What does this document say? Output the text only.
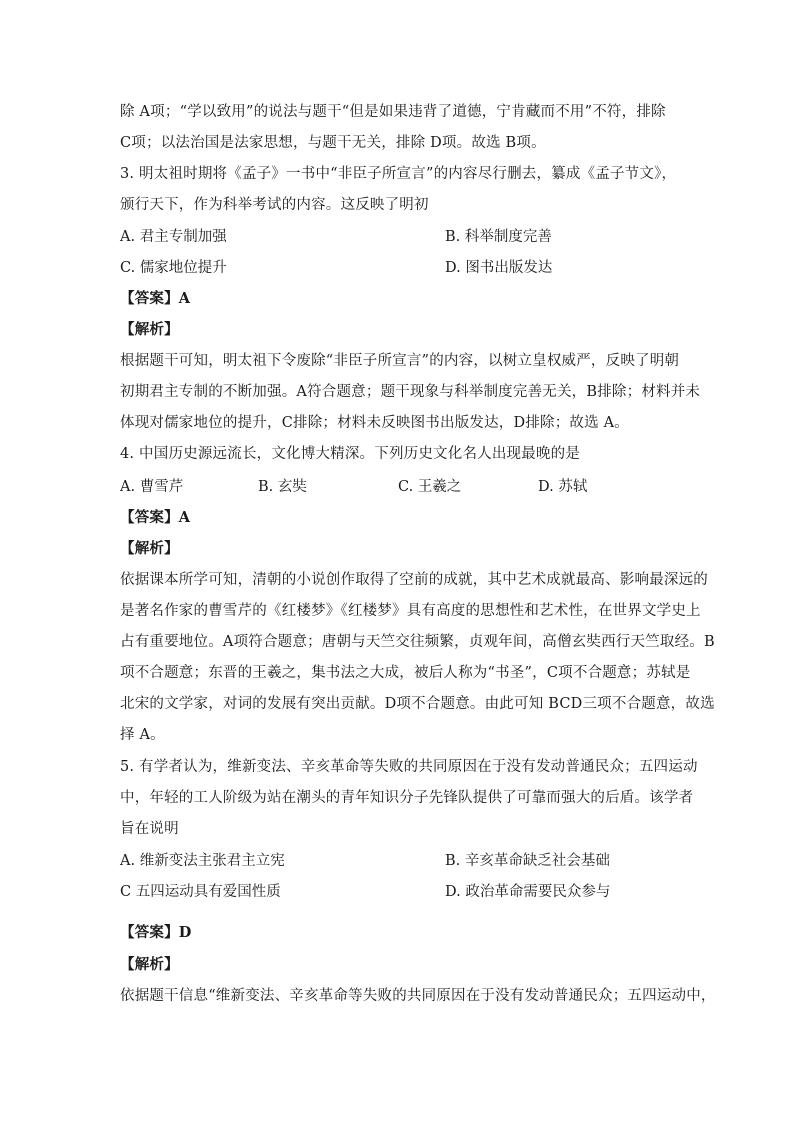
除 A项；“学以致用”的说法与题干“但是如果违背了道德，宁肯藏而不用”不符，排除
C项；以法治国是法家思想，与题干无关，排除 D项。故选 B项。
3. 明太祖时期将《孟子》一书中“非臣子所宣言”的内容尽行删去，纂成《孟子节文》，
颁行天下，作为科举考试的内容。这反映了明初
A. 君主专制加强	B. 科举制度完善
C. 儒家地位提升	D. 图书出版发达
【答案】A
【解析】
根据题干可知，明太祖下令废除“非臣子所宣言”的内容，以树立皇权威严，反映了明朝
初期君主专制的不断加强。A符合题意；题干现象与科举制度完善无关，B排除；材料并未
体现对儒家地位的提升，C排除；材料未反映图书出版发达，D排除；故选 A。
4. 中国历史源远流长，文化博大精深。下列历史文化名人出现最晚的是
A. 曹雪芹	B. 玄奘	C. 王羲之	D. 苏轼
【答案】A
【解析】
依据课本所学可知，清朝的小说创作取得了空前的成就，其中艺术成就最高、影响最深远的
是著名作家的曹雪芹的《红楼梦》《红楼梦》具有高度的思想性和艺术性，在世界文学史上
占有重要地位。A项符合题意；唐朝与天竺交往频繁，贞观年间，高僧玄奘西行天竺取经。B
项不合题意；东晋的王羲之，集书法之大成，被后人称为“书圣”，C项不合题意；苏轼是
北宋的文学家，对词的发展有突出贡献。D项不合题意。由此可知 BCD三项不合题意，故选
择 A。
5. 有学者认为，维新变法、辛亥革命等失败的共同原因在于没有发动普通民众；五四运动
中，年轻的工人阶级为站在潮头的青年知识分子先锋队提供了可靠而强大的后盾。该学者
旨在说明
A. 维新变法主张君主立宪	B. 辛亥革命缺乏社会基础
C 五四运动具有爱国性质	D. 政治革命需要民众参与
【答案】D
【解析】
依据题干信息“维新变法、辛亥革命等失败的共同原因在于没有发动普通民众；五四运动中，
